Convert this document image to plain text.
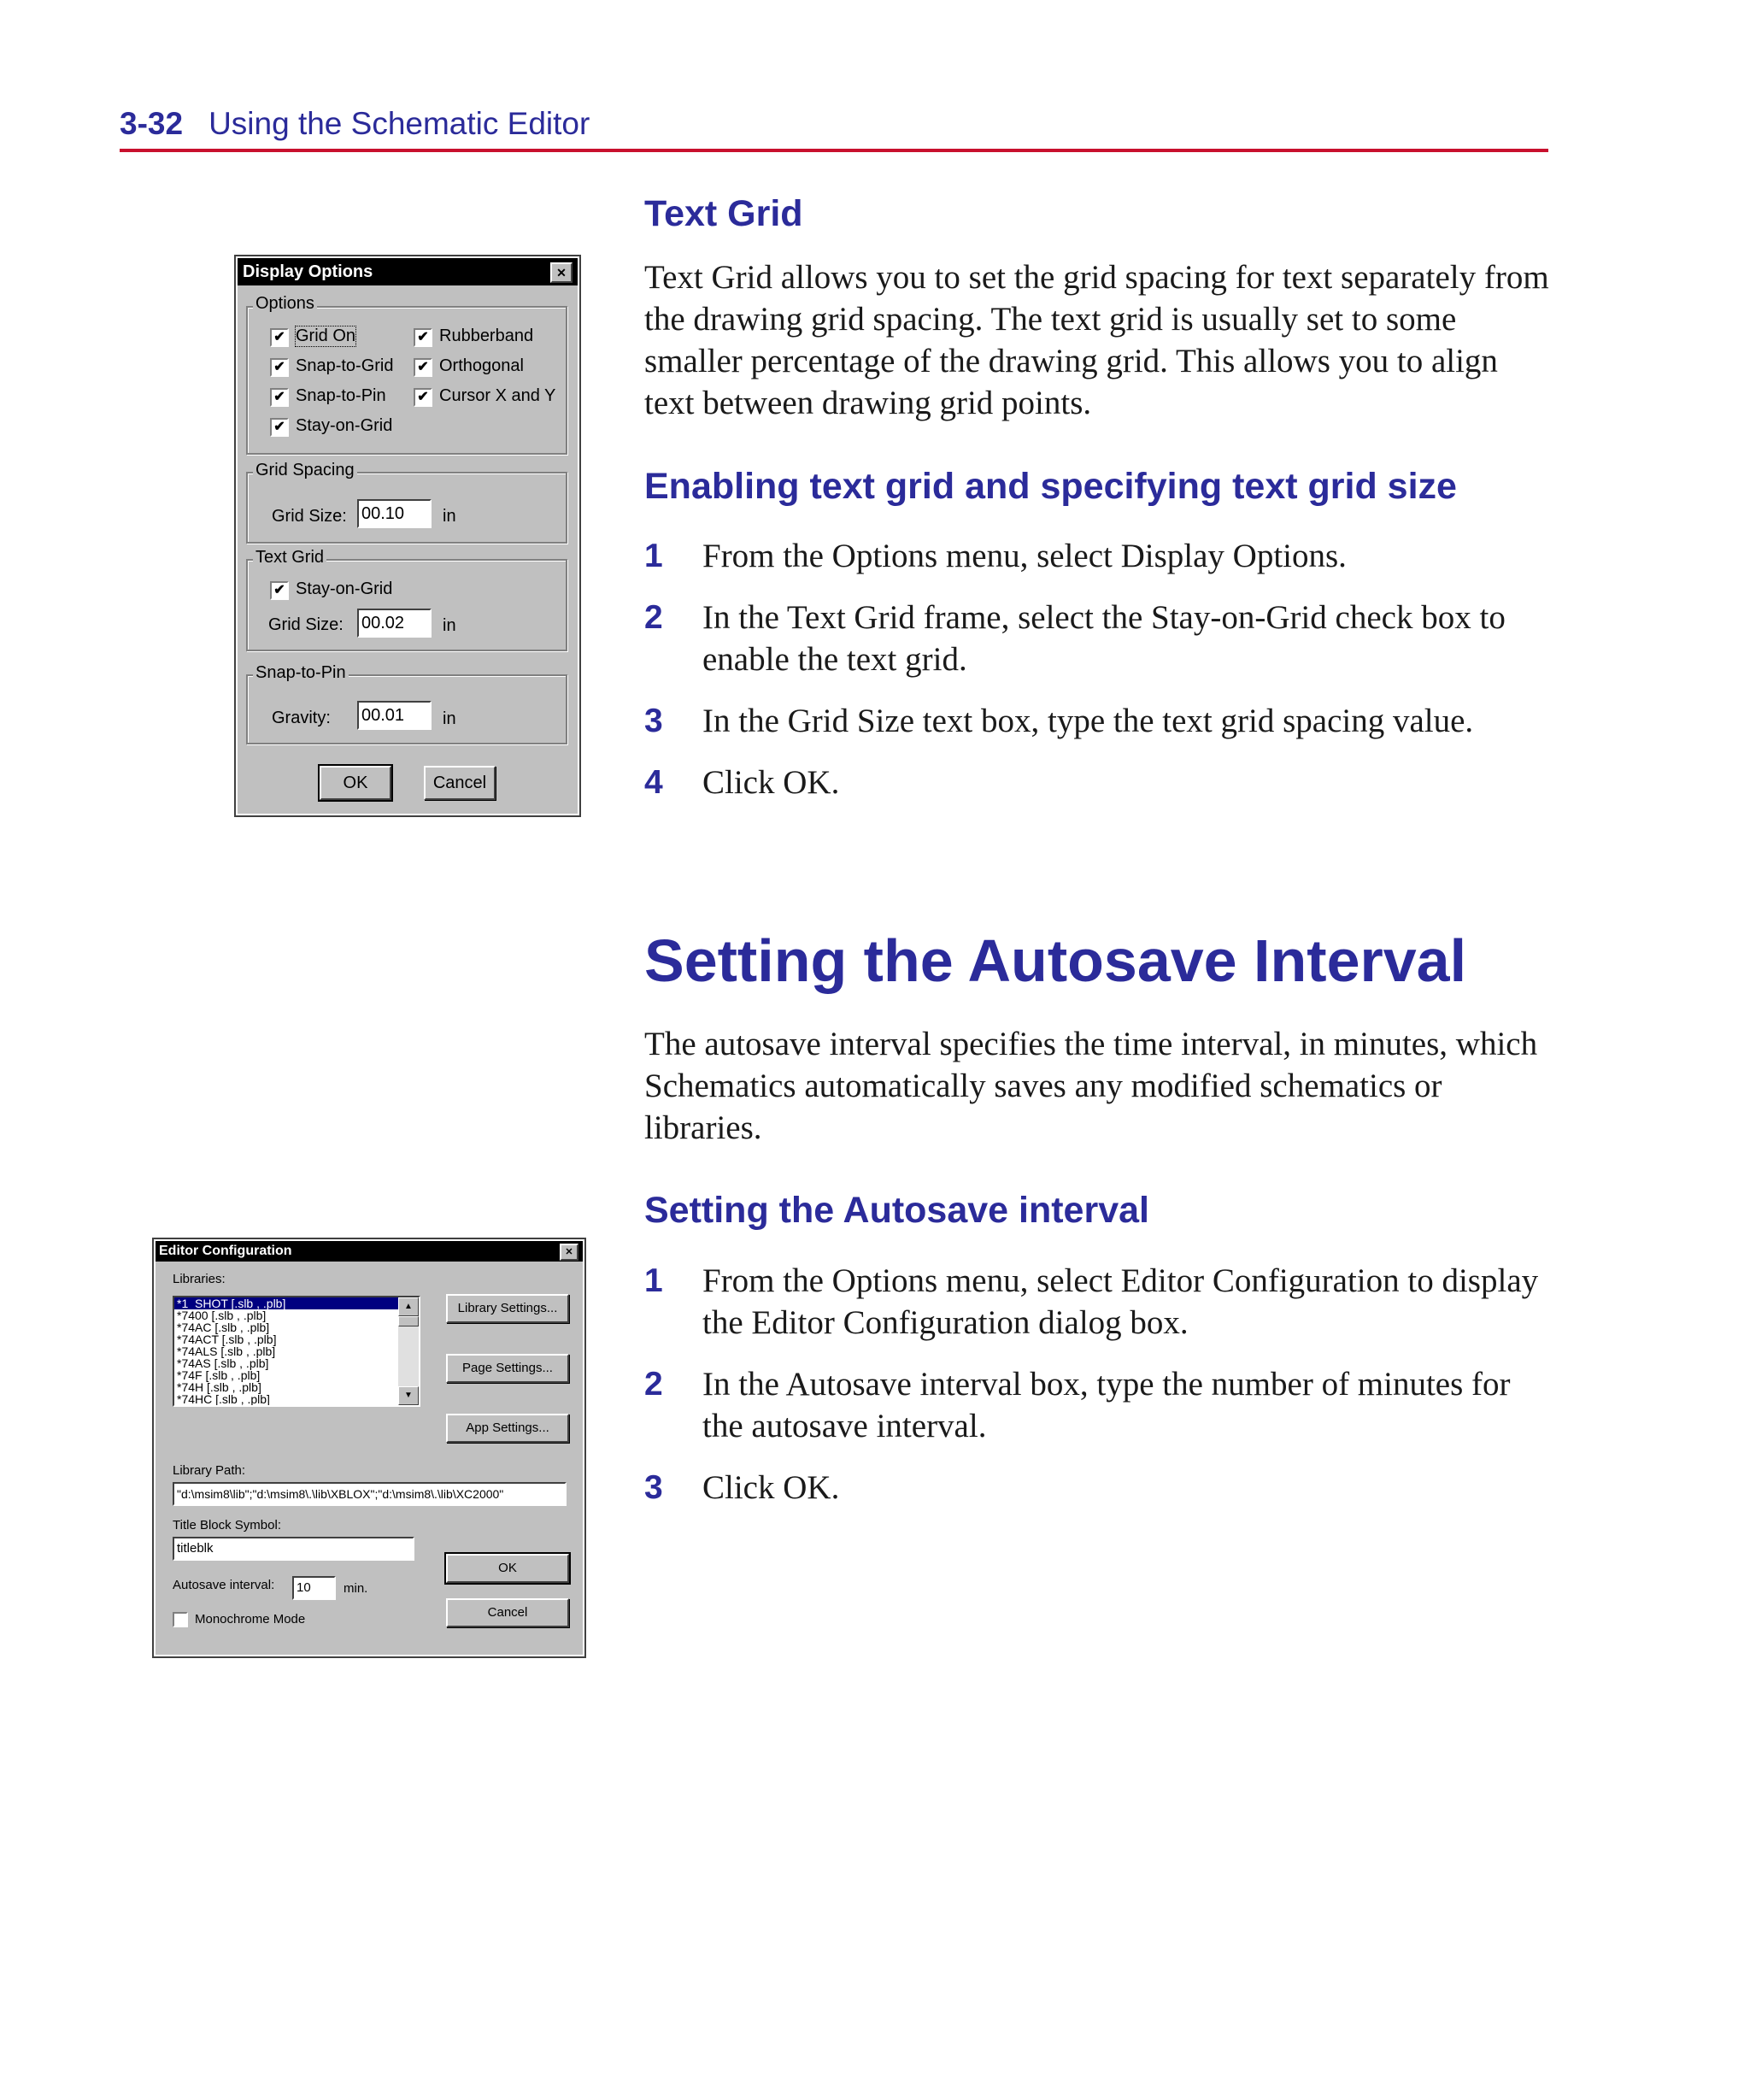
3-32 Using the Schematic Editor
Text Grid
Text Grid allows you to set the grid spacing for text separately from the drawing grid spacing. The text grid is usually set to some smaller percentage of the drawing grid. This allows you to align text between drawing grid points.
Enabling text grid and specifying text grid size
1 From the Options menu, select Display Options.
2 In the Text Grid frame, select the Stay-on-Grid check box to enable the text grid.
3 In the Grid Size text box, type the text grid spacing value.
4 Click OK.
Setting the Autosave Interval
The autosave interval specifies the time interval, in minutes, which Schematics automatically saves any modified schematics or libraries.
Setting the Autosave interval
1 From the Options menu, select Editor Configuration to display the Editor Configuration dialog box.
2 In the Autosave interval box, type the number of minutes for the autosave interval.
3 Click OK.
Display Options	✕
Options
✔ Grid On
✔ Snap-to-Grid
✔ Snap-to-Pin
✔ Stay-on-Grid
✔ Rubberband
✔ Orthogonal
✔ Cursor X and Y
Grid Spacing
Grid Size: 00.10	in
Text Grid
✔ Stay-on-Grid
Grid Size: 00.02	in
Snap-to-Pin
Gravity: 00.01	in
OK	Cancel
Editor Configuration	✕
Libraries:
*1_SHOT [.slb , .plb]
*7400 [.slb , .plb]
*74AC [.slb , .plb]
*74ACT [.slb , .plb]
*74ALS [.slb , .plb]
*74AS [.slb , .plb]
*74F [.slb , .plb]
*74H [.slb , .plb]
*74HC [.slb , .plb]
▲
▼
Library Settings...
Page Settings...
App Settings...
Library Path:
"d:\msim8\lib";"d:\msim8\.\lib\XBLOX";"d:\msim8\.\lib\XC2000"
Title Block Symbol:
titleblk
OK
Cancel
Autosave interval:	10	min.
Monochrome Mode
